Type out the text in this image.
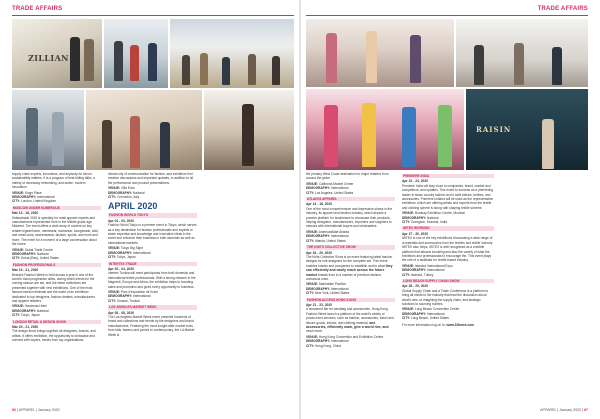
TRADE AFFAIRS	TRADE AFFAIRS
ZILLIAN
RAISIN

supply chain experts, innovators, and anybody for whom sustainability matters. It is a program of best-hitting talks, a variety of necessary networking, and active, modern innovation.

VENUE: Kings Place
DEMOGRAPHY: International
CITY: London, United Kingdom
MOSCOW UNDER NUMEROUS
Mar 13 - 16, 2020

Kidstartrade 2020 is specially for retail apparel experts and manufacturers represented here in the Middle grade age Midwest. The event offers a wide array of content on key retailer's/gear/home, menswear, swimwear, loungewear, kids', and small ones, womenswear, fashion, sports, and more and more. The event for a moment of a large conversation about the future.

VENUE: Dubai Trade Centre
DEMOGRAPHY: National
CITY: Dubai (Ras), United States
FASHION PROFESSIONALS
Mar 19 - 21, 2020

Besides Fashion Week is held across a year in one of the world's most progressive cities, during which trends for the coming season are set, and the latest collections are presented together with new exhibitions. One of the most famous fashion festivals and the world of an exhibition dedicated to top designers, fashion dealers, manufacturers and apparel retailers.

VENUE: Hacienda Hotel
DEMOGRAPHY: National
CITY: Tokyo, Japan
LONDON RETAIL & DESIGN SHOW
Mar 20 - 21, 2020

The design show brings together all designers, brands, and artists. It offers exhibition, the opportunity to showcase and connect with buyers, trends from top organisations.

vibrant city of communication for fashion, and exhibitors find creative discussions and important updates, in addition to all the performance and product presentations.

VENUE: Villa Erba
DEMOGRAPHY: National
CITY: Cernobbio, Italy
APRIL 2020
FASHION WORLD TOKYO
Apr 01 - 03, 2020

Fashion World Tokyo is a premier event in Tokyo, which serves as a key destination for fashion professionals and experts to share expertise and knowledge and innovative ideas in the event and enhance their business in both domestic as well as international markets.

VENUE: Tokyo Big Sight
DEMOGRAPHY: International
CITY: Tokyo, Japan
INTERTEX TRADE
Apr 02 - 04, 2020

Intertex Tunisia will meet participants from both domestic and international textile professionals. With a strong network in the Maghreb, Europe and Africa, the exhibition helps in boosting sales and promotion and gives every opportunity to business.

VENUE: Parc d'exposition de Kram
DEMOGRAPHY: International
CITY: Sousse, Tunisia
LOS ANGELES MARKET WEEK
Apr 05 - 08, 2020

The Los Angeles Market Week event presents hundreds of brand and collections and trends by the designers and brand manufacturers. Featuring the most sought-after market tools from kids, tweens and juniors to contemporary, the LA Market Week is

the primary West Coast destination for major retailers from around the globe.

VENUE: California Market Center
DEMOGRAPHY: International
CITY: Los Angeles, United States
ATLANTA APPAREL
Apr 14 - 18, 2020

One of the most comprehensive and impressive shows in the industry, its apparel and fashion industry, which depicts a premier platform for businesses to showcase their products, helping designers, manufacturers, importers and suppliers to network with international buyers and wholesalers.

VENUE: AmericasMart Atlanta
DEMOGRAPHY: International
CITY: Atlanta, United States
THE KNITS COLLECTIVE SHOW
Apr 18 - 20, 2020

The Knits Collective Show is an event featuring latest fashion designs for knit designers for the complete set. This event enables brands and companies to establish and to what they can efficiently and easily reach across the future market brands from in a number of premium fashion-conscious ones.

VENUE: Manhattan Pavilion
DEMOGRAPHY: International
CITY: New York, United States
FASHION ACCESS HONG KONG
Apr 21 - 23, 2020

A renowned fair for handbag and accessories, Hong Kong Fashion Week launch a platform of the world's widely of product and services, such as fashion, accessories, travel and leisure goods, interior, and clothing material, and accessories, efficiently mark, give a world rise, and much more.

VENUE: Hong Kong Convention and Exhibition Centre
DEMOGRAPHY: International
CITY: Hong Kong, China
PREMIERE INDIA
Apr 22 - 24, 2020

Premiere India will stay close to companies, brand, market and competitors, and updates. This event to success as a premiering leader in Asian country fashion and it sells fabrics, textiles, and accessories. Premiere Indiana will be used as the representative exhibitors, which are offering artists and experts from the textile and clothing sphere is along with shaping textile scheme.

VENUE: Bombay Exhibition Centre, Mumbai
DEMOGRAPHY: National
CITY: Goregaon, Mumbai, India
IWTEX WORKING
Apr 27 - 30, 2020

IWTEX is one of the key exhibitions showcasing a wide range of a materials and accessories from the textiles and textile industry. IWTEX also helps, IWTEX is well recognised as a credible platform that attracts including and also the variety of what the exhibitors and professionals to encourage the. This event plays the role of a facilitator for textile-based industry.

VENUE: Istanbul International Expo
DEMOGRAPHY: International
CITY: Istanbul, Turkey
LONG BEACH SUPPLY CHAIN SHOW
Apr 28 - 29, 2020

Global Supply Chain and a Trade Conference is a platform to bring all minds to the industry that lead the discussion about what's new, re-imagining the supply chain, and strategic solutions to sourcing hurdles.

VENUE: Long Beach Convention Center
DEMOGRAPHY: International
CITY: Long Beach, United States

For more information log on to: www.10times.com

86 | APPAREL | January 2020	APPAREL | January 2020 | 87
